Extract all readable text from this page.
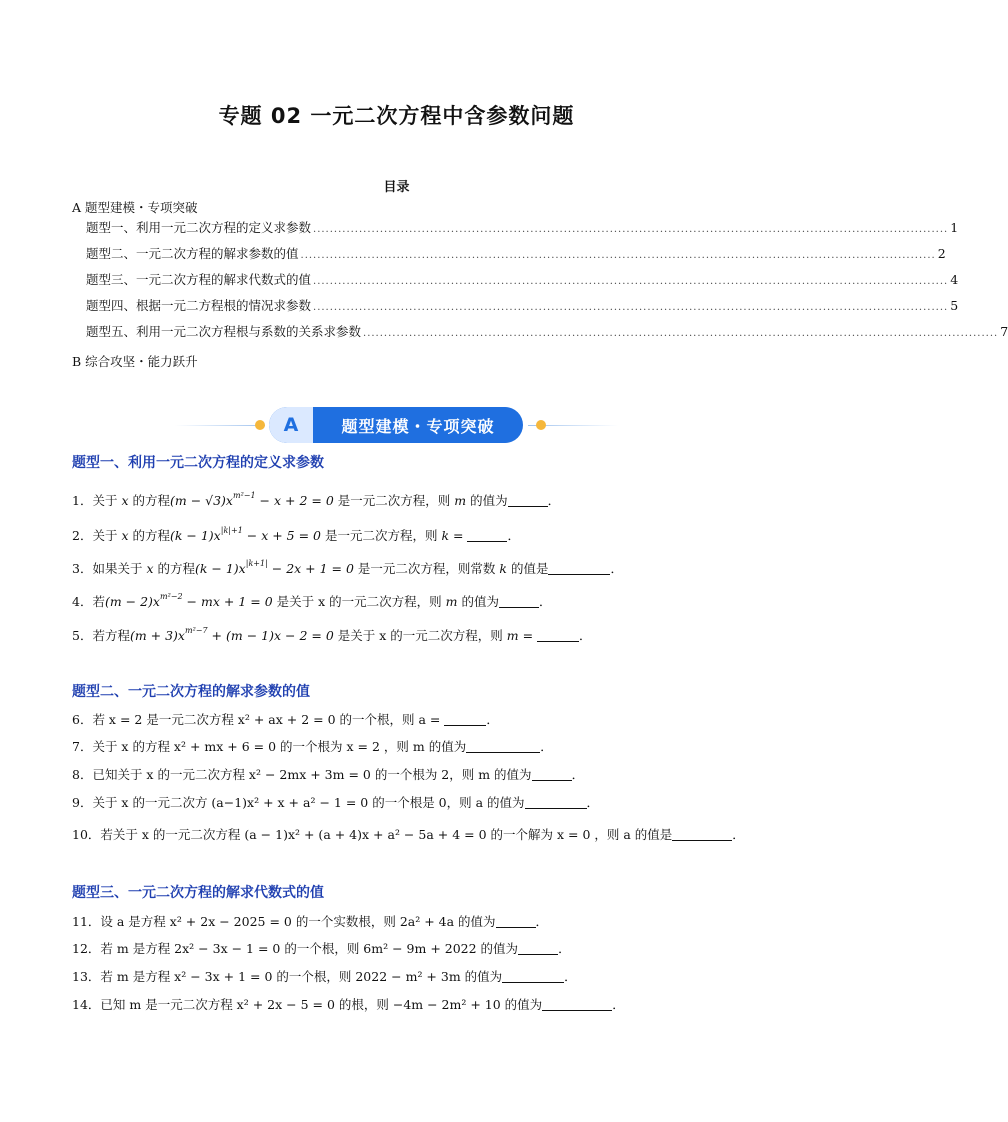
专题 02 一元二次方程中含参数问题
目录
A 题型建模・专项突破
题型一、利用一元二次方程的定义求参数 ........................................................................................................................................................ 1
题型二、一元二次方程的解求参数的值 ........................................................................................................................................................ 2
题型三、一元二次方程的解求代数式的值 ........................................................................................................................................................ 4
题型四、根据一元二方程根的情况求参数 ........................................................................................................................................................ 5
题型五、利用一元二次方程根与系数的关系求参数 ........................................................................................................................................................ 7
B 综合攻坚・能力跃升
A	题型建模・专项突破
题型一、利用一元二次方程的定义求参数
1．关于 x 的方程$(m - √3)x^{m^2-1} - x + 2 = 0$ 是一元二次方程，则 m 的值为	．
2．关于 x 的方程$(k - 1)x^{|k|+1} - x + 5 = 0$ 是一元二次方程，则 k =	．
3．如果关于 x 的方程$(k - 1)x^{|k+1|} - 2x + 1 = 0$ 是一元二次方程，则常数 k 的值是	．
4．若$(m - 2)x^{m^2-2}$ − mx + 1 = 0 是关于 x 的一元二次方程，则 m 的值为	．
5．若方程$(m + 3)x^{m^2-7} + (m - 1)x - 2 = 0$ 是关于 x 的一元二次方程，则 m =	．
题型二、一元二次方程的解求参数的值
6．若 x = 2 是一元二次方程 x² + ax + 2 = 0 的一个根，则 a =	．
7．关于 x 的方程 x² + mx + 6 = 0 的一个根为 x = 2 ，则 m 的值为	．
8．已知关于 x 的一元二次方程 x² − 2mx + 3m = 0 的一个根为 2，则 m 的值为	．
9．关于 x 的一元二次方 (a−1)x² + x + a² − 1 = 0 的一个根是 0，则 a 的值为	．
10．若关于 x 的一元二次方程 (a − 1)x² + (a + 4)x + a² − 5a + 4 = 0 的一个解为 x = 0 ，则 a 的值是	．
题型三、一元二次方程的解求代数式的值
11．设 a 是方程 x² + 2x − 2025 = 0 的一个实数根，则 2a² + 4a 的值为	．
12．若 m 是方程 2x² − 3x − 1 = 0 的一个根，则 6m² − 9m + 2022 的值为	．
13．若 m 是方程 x² − 3x + 1 = 0 的一个根，则 2022 − m² + 3m 的值为	．
14．已知 m 是一元二次方程 x² + 2x − 5 = 0 的根，则 −4m − 2m² + 10 的值为	．
